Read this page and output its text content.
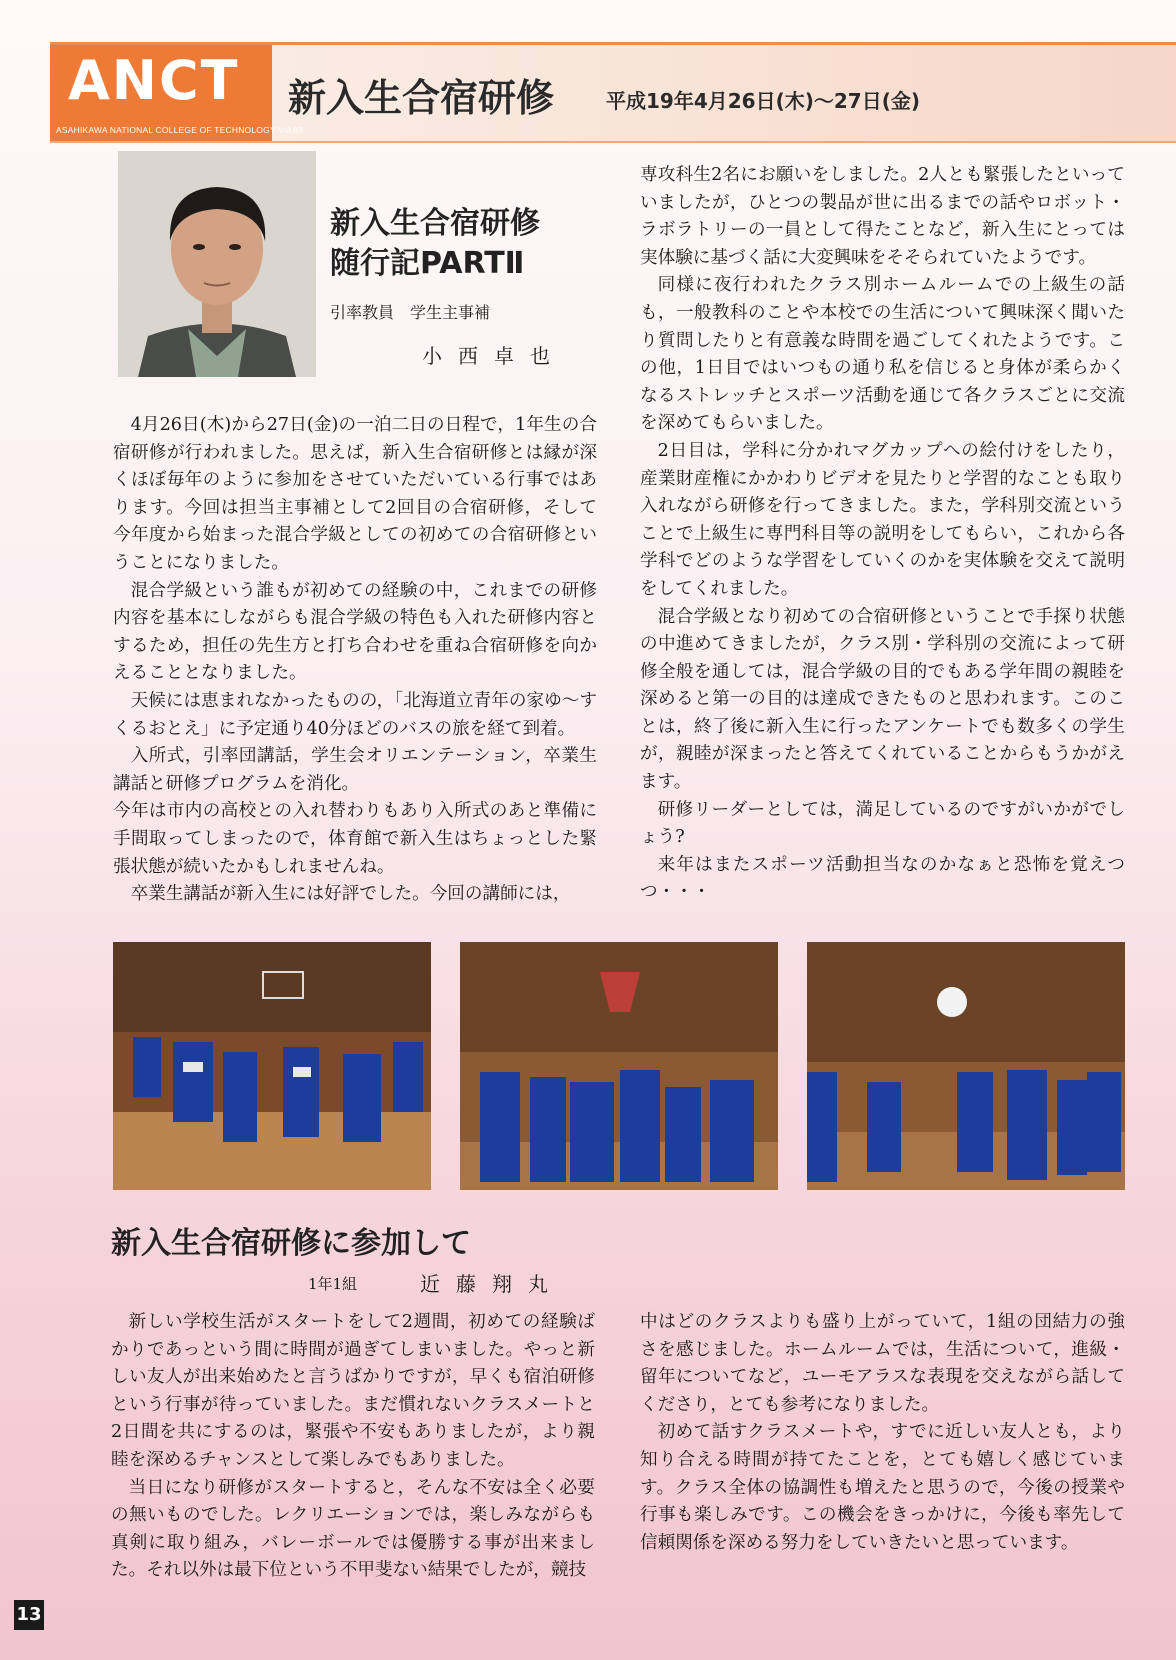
ANCT
ASAHIKAWA NATIONAL COLLEGE OF TECHNOLOGY Vol.93
新入生合宿研修	平成19年4月26日(木)～27日(金)
新入生合宿研修
随行記PARTⅡ
引率教員　学生主事補
小西卓也

4月26日(木)から27日(金)の一泊二日の日程で，1年生の合宿研修が行われました。思えば，新入生合宿研修とは縁が深くほぼ毎年のように参加をさせていただいている行事ではあります。今回は担当主事補として2回目の合宿研修，そして今年度から始まった混合学級としての初めての合宿研修ということになりました。

混合学級という誰もが初めての経験の中，これまでの研修内容を基本にしながらも混合学級の特色も入れた研修内容とするため，担任の先生方と打ち合わせを重ね合宿研修を向かえることとなりました。

天候には恵まれなかったものの，「北海道立青年の家ゆ～すくるおとえ」に予定通り40分ほどのバスの旅を経て到着。

入所式，引率団講話，学生会オリエンテーション，卒業生講話と研修プログラムを消化。

今年は市内の高校との入れ替わりもあり入所式のあと準備に手間取ってしまったので，体育館で新入生はちょっとした緊張状態が続いたかもしれませんね。

卒業生講話が新入生には好評でした。今回の講師には，

専攻科生2名にお願いをしました。2人とも緊張したといっていましたが，ひとつの製品が世に出るまでの話やロボット・ラボラトリーの一員として得たことなど，新入生にとっては実体験に基づく話に大変興味をそそられていたようです。

同様に夜行われたクラス別ホームルームでの上級生の話も，一般教科のことや本校での生活について興味深く聞いたり質問したりと有意義な時間を過ごしてくれたようです。この他，1日目ではいつもの通り私を信じると身体が柔らかくなるストレッチとスポーツ活動を通じて各クラスごとに交流を深めてもらいました。

2日目は，学科に分かれマグカップへの絵付けをしたり，産業財産権にかかわりビデオを見たりと学習的なことも取り入れながら研修を行ってきました。また，学科別交流ということで上級生に専門科目等の説明をしてもらい，これから各学科でどのような学習をしていくのかを実体験を交えて説明をしてくれました。

混合学級となり初めての合宿研修ということで手探り状態の中進めてきましたが，クラス別・学科別の交流によって研修全般を通しては，混合学級の目的でもある学年間の親睦を深めると第一の目的は達成できたものと思われます。このことは，終了後に新入生に行ったアンケートでも数多くの学生が，親睦が深まったと答えてくれていることからもうかがえます。

研修リーダーとしては，満足しているのですがいかがでしょう?

来年はまたスポーツ活動担当なのかなぁと恐怖を覚えつつ・・・

新入生合宿研修に参加して
1年1組	近藤翔丸

新しい学校生活がスタートをして2週間，初めての経験ばかりであっという間に時間が過ぎてしまいました。やっと新しい友人が出来始めたと言うばかりですが，早くも宿泊研修という行事が待っていました。まだ慣れないクラスメートと2日間を共にするのは，緊張や不安もありましたが，より親睦を深めるチャンスとして楽しみでもありました。

当日になり研修がスタートすると，そんな不安は全く必要の無いものでした。レクリエーションでは，楽しみながらも真剣に取り組み，バレーボールでは優勝する事が出来ました。それ以外は最下位という不甲斐ない結果でしたが，競技

中はどのクラスよりも盛り上がっていて，1組の団結力の強さを感じました。ホームルームでは，生活について，進級・留年についてなど，ユーモアラスな表現を交えながら話してくださり，とても参考になりました。

初めて話すクラスメートや，すでに近しい友人とも，より知り合える時間が持てたことを，とても嬉しく感じています。クラス全体の協調性も増えたと思うので，今後の授業や行事も楽しみです。この機会をきっかけに，今後も率先して信頼関係を深める努力をしていきたいと思っています。

13
